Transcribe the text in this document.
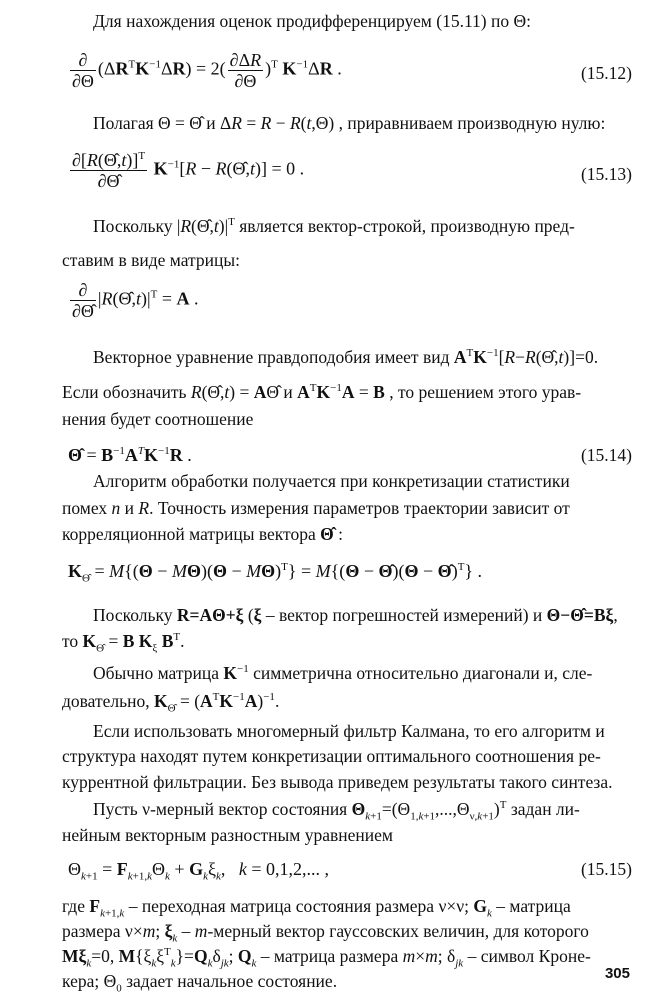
Для нахождения оценок продифференцируем (15.11) по Θ:
$\frac{\partial}{\partial\Theta} (\Delta R^TK^{-1}\Delta R) = 2( \frac{\partial\Delta R}{\partial\Theta} )^T$ $K^{-1}\Delta R$ .	(15.12)
Полагая Θ = Θ̂ и ΔR = R − R(t,Θ) , приравниваем производную нулю:
$\frac{\partial[R(\Thetâ,t)]^T}{\partial\Thetâ} K^{-1}[R$ − R(Θ̂,t)] = 0 .	(15.13)
Поскольку $|R(\Thetâ,t)|^T$ является вектор-строкой, производную пред-
ставим в виде матрицы:
$\frac{\partial}{\partial\Thetâ}$ $|R(\Thetâ,t)|^T = A$ .
Векторное уравнение правдоподобия имеет вид $A^TK^{-1}[R-R(\Thetâ,t)]=0$.
Если обозначить R(Θ̂,t) = AΘ̂ и $A^TK^{-1}A = B$ , то решением этого урав-
нения будет соотношение
Θ̂ = $B^{-1}A^TK^{-1}R$ .	(15.14)
Алгоритм обработки получается при конкретизации статистики
помех n и R. Точность измерения параметров траектории зависит от
корреляционной матрицы вектора Θ̂ :
$K_{\Thetâ} = M\{(\Theta - M\Theta)(\Theta - M\Theta)^T\} = M\{(\Theta$ − Θ̂)(Θ − Θ̂)$^T$} .
Поскольку R=AΘ+ξ (ξ – вектор погрешностей измерений) и Θ−Θ̂=Bξ,
то $K_{\Thetâ} = B$ $K_\xi$ $B^T$.
Обычно матрица $K^{-1}$ симметрична относительно диагонали и, сле-
довательно, $K_{\Thetâ} = (A^TK^{-1}A)^{-1}$.
Если использовать многомерный фильтр Калмана, то его алгоритм и
структура находят путем конкретизации оптимального соотношения ре-
куррентной фильтрации. Без вывода приведем результаты такого синтеза.
Пусть ν-мерный вектор состояния $\Theta_{k+1}=(\Theta_{1,k+1},...,\Theta_{\nu,k+1})^T$ задан ли-
нейным векторным разностным уравнением
$\Theta_{k+1} = F_{k+1,k}\Theta_k + G_k\xi_k$,   k = 0,1,2,... ,	(15.15)
где $F_{k+1,k}$ – переходная матрица состояния размера ν×ν; $G_k$ – матрица
размера ν×m; $\xi_k$ – m-мерный вектор гауссовских величин, для которого
$M\xi_k=0$, $M\{\xi_k\xi^T_k\}=Q_k\delta_{jk}$; $Q_k$ – матрица размера m×m; $\delta_{jk}$ – символ Кроне-
кера; $\Theta_0$ задает начальное состояние.	305
